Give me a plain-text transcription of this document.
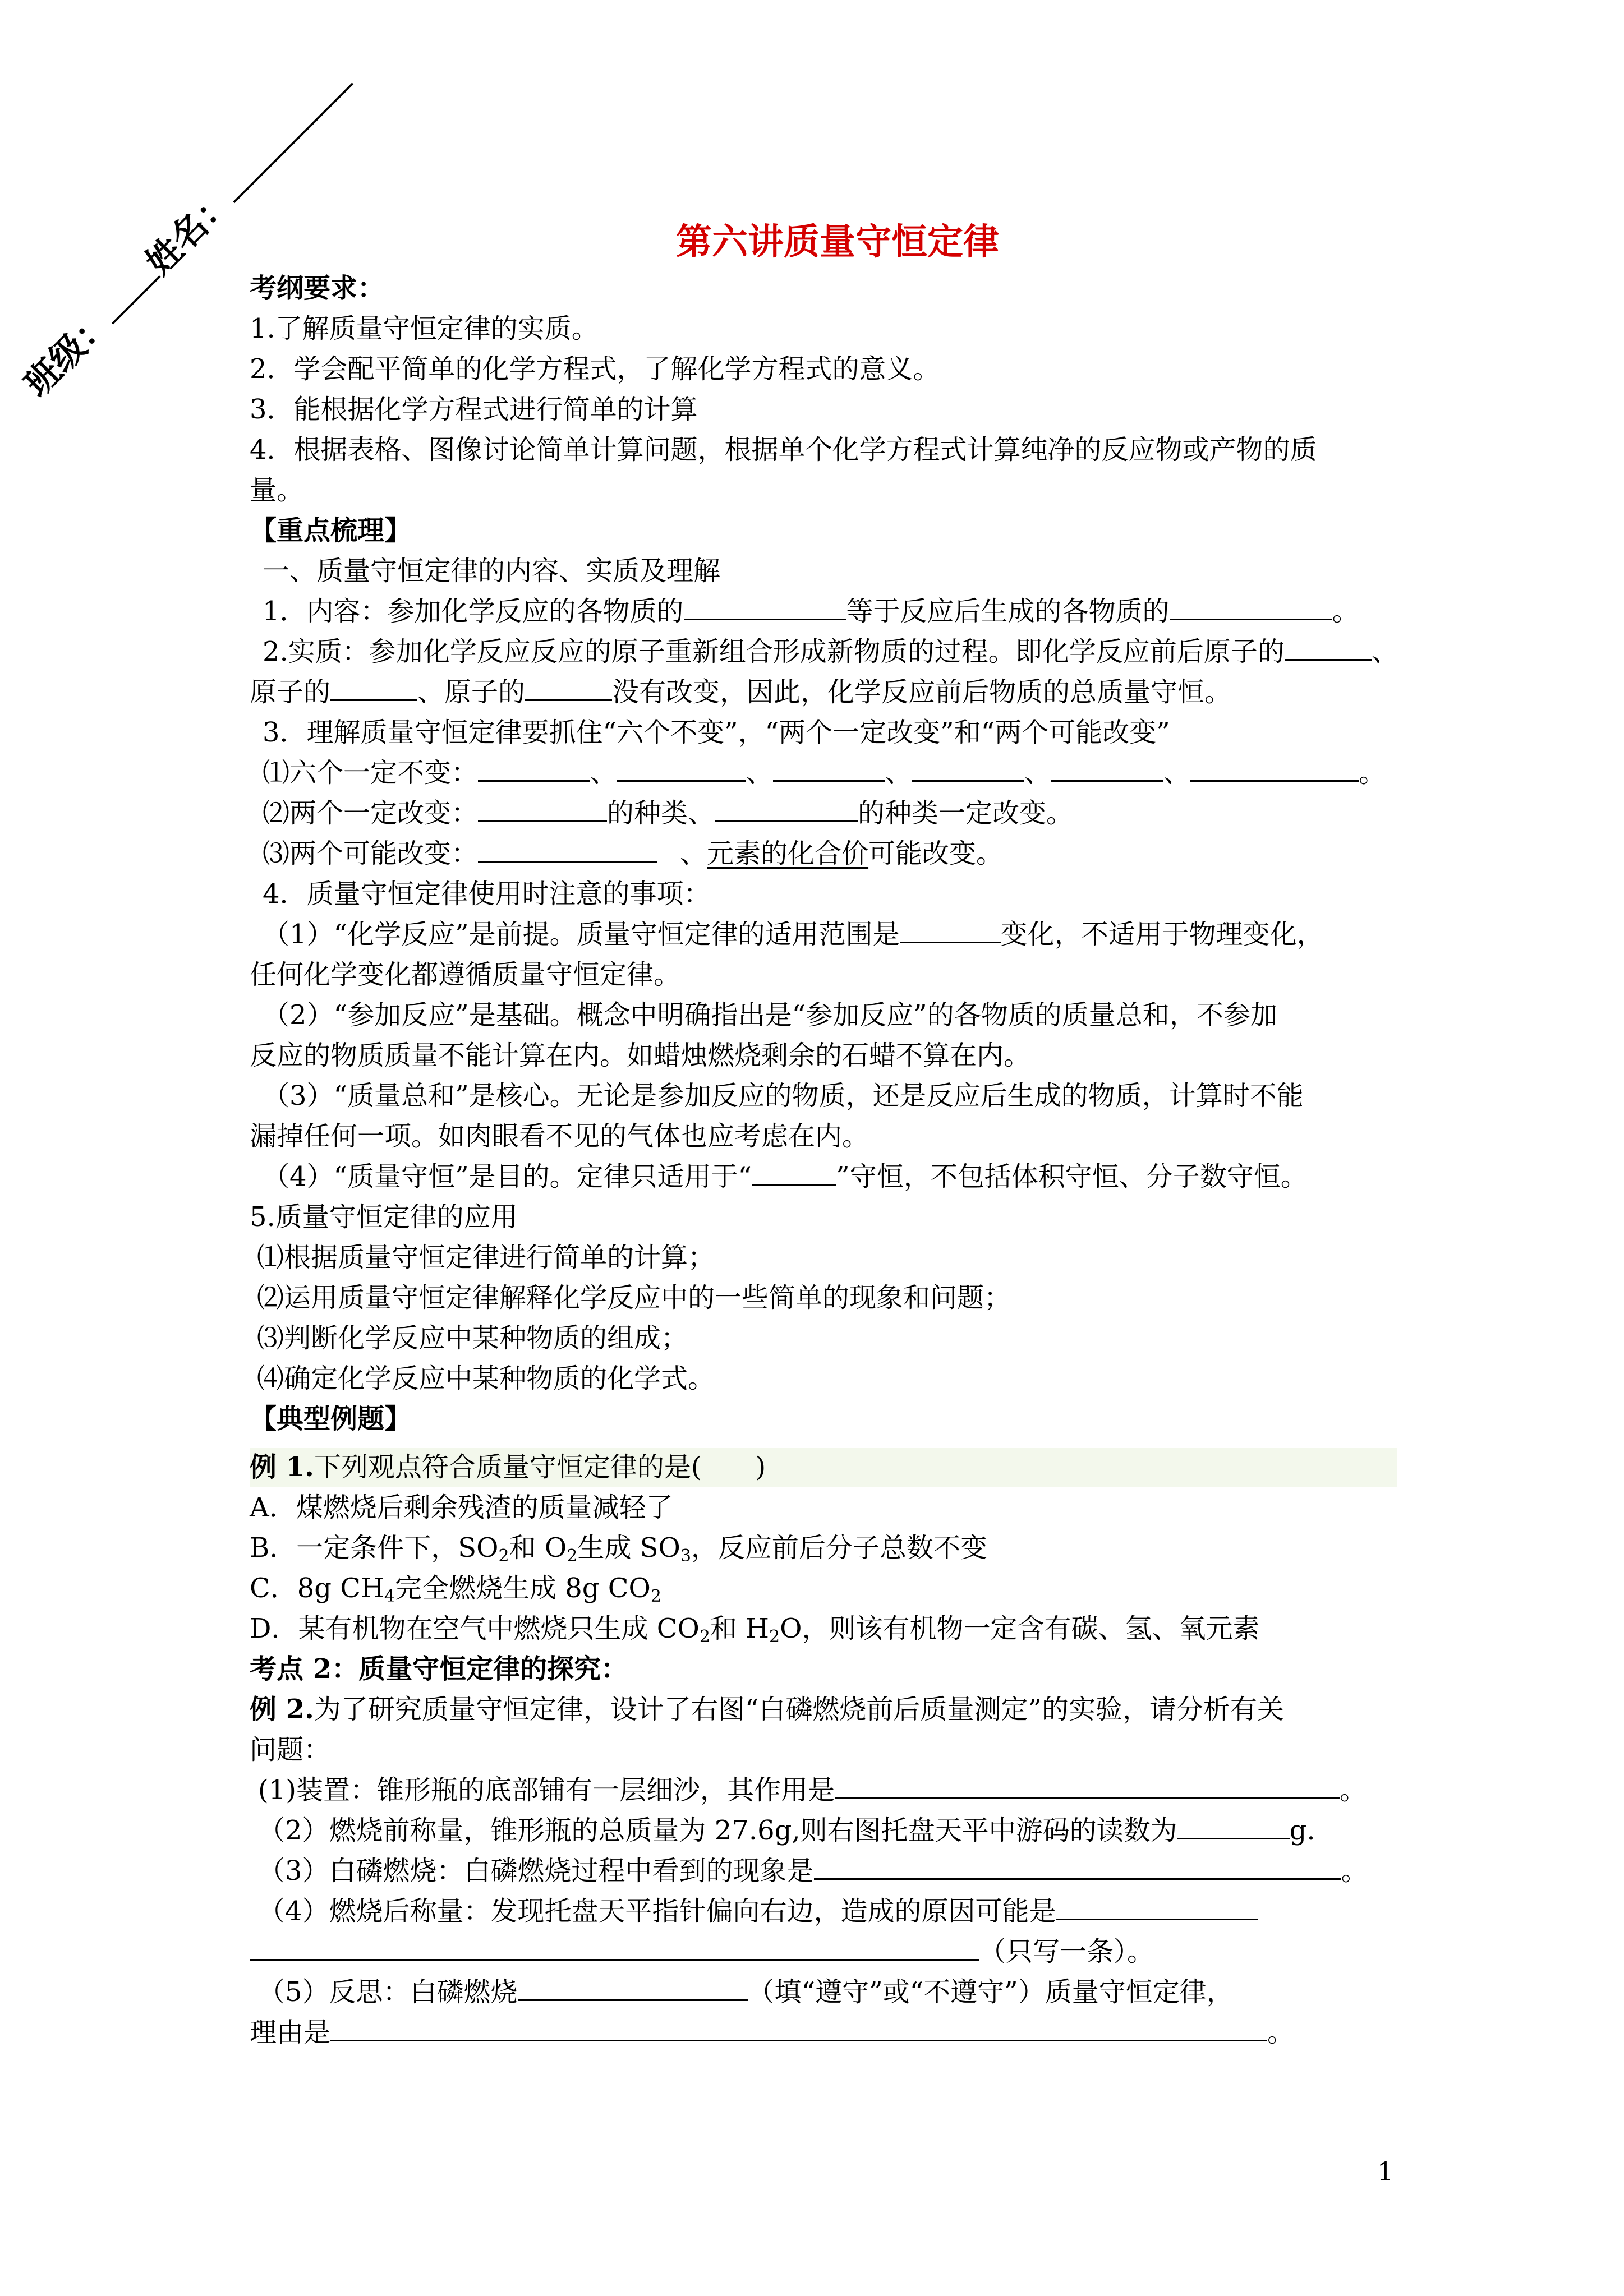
班级：姓名：	第六讲质量守恒定律
考纲要求：
1.了解质量守恒定律的实质。
2．学会配平简单的化学方程式，了解化学方程式的意义。
3．能根据化学方程式进行简单的计算
4．根据表格、图像讨论简单计算问题，根据单个化学方程式计算纯净的反应物或产物的质
量。
【重点梳理】
一、质量守恒定律的内容、实质及理解
1．内容：参加化学反应的各物质的	等于反应后生成的各物质的	。
2.实质：参加化学反应反应的原子重新组合形成新物质的过程。即化学反应前后原子的	、
原子的	、原子的	没有改变，因此，化学反应前后物质的总质量守恒。
3．理解质量守恒定律要抓住“六个不变”，“两个一定改变”和“两个可能改变”
⑴六个一定不变：	、	、	、	、	、	。
⑵两个一定改变：	的种类、	的种类一定改变。
⑶两个可能改变：	、元素的化合价可能改变。
4．质量守恒定律使用时注意的事项：
（1）“化学反应”是前提。质量守恒定律的适用范围是	变化，不适用于物理变化，
任何化学变化都遵循质量守恒定律。
（2）“参加反应”是基础。概念中明确指出是“参加反应”的各物质的质量总和，不参加
反应的物质质量不能计算在内。如蜡烛燃烧剩余的石蜡不算在内。
（3）“质量总和”是核心。无论是参加反应的物质，还是反应后生成的物质，计算时不能
漏掉任何一项。如肉眼看不见的气体也应考虑在内。
（4）“质量守恒”是目的。定律只适用于“	”守恒，不包括体积守恒、分子数守恒。
5.质量守恒定律的应用
⑴根据质量守恒定律进行简单的计算；
⑵运用质量守恒定律解释化学反应中的一些简单的现象和问题；
⑶判断化学反应中某种物质的组成；
⑷确定化学反应中某种物质的化学式。
【典型例题】
例 1.下列观点符合质量守恒定律的是(　　)
A．煤燃烧后剩余残渣的质量减轻了
B．一定条件下，$SO_2$和 $O_2$生成 $SO_3$，反应前后分子总数不变
C．8g $CH_4$完全燃烧生成 8g $CO_2$
D．某有机物在空气中燃烧只生成 $CO_2$和 $H_2O$，则该有机物一定含有碳、氢、氧元素
考点 2：质量守恒定律的探究：
例 2.为了研究质量守恒定律，设计了右图“白磷燃烧前后质量测定”的实验，请分析有关
问题：
(1)装置：锥形瓶的底部铺有一层细沙，其作用是	。
（2）燃烧前称量，锥形瓶的总质量为 27.6g,则右图托盘天平中游码的读数为	g.
（3）白磷燃烧：白磷燃烧过程中看到的现象是	。
（4）燃烧后称量：发现托盘天平指针偏向右边，造成的原因可能是
（只写一条）。
（5）反思：白磷燃烧	（填“遵守”或“不遵守”）质量守恒定律，
理由是	。
1
